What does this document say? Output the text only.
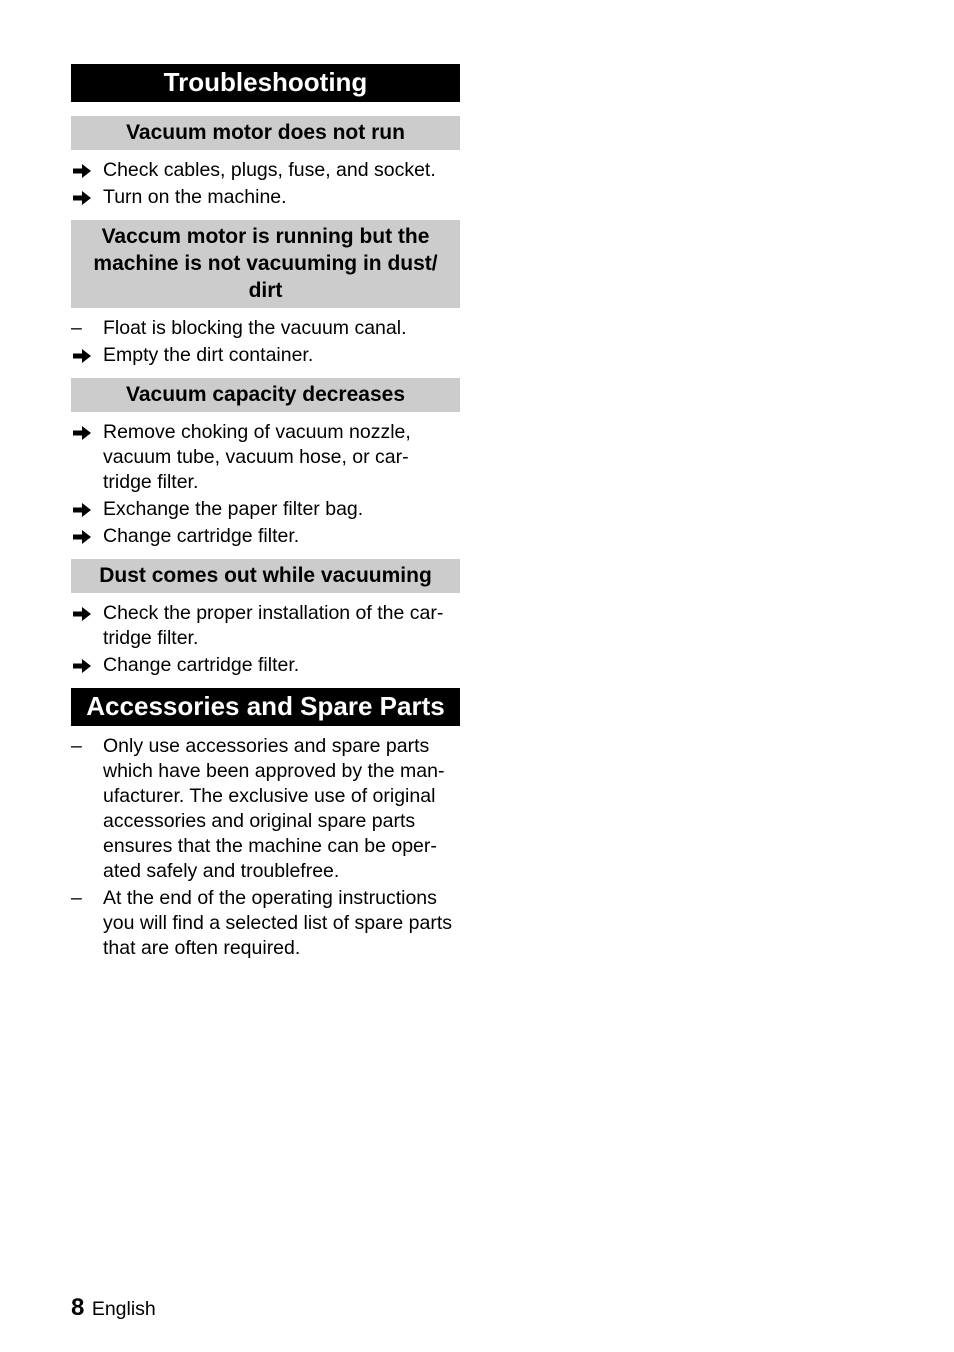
Troubleshooting
Vacuum motor does not run
Check cables, plugs, fuse, and socket.
Turn on the machine.
Vaccum motor is running but the
machine is not vacuuming in dust/
dirt
–	Float is blocking the vacuum canal.
Empty the dirt container.
Vacuum capacity decreases
Remove choking of vacuum nozzle,
vacuum tube, vacuum hose, or car-
tridge filter.
Exchange the paper filter bag.
Change cartridge filter.
Dust comes out while vacuuming
Check the proper installation of the car-
tridge filter.
Change cartridge filter.
Accessories and Spare Parts
–	Only use accessories and spare parts
which have been approved by the man-
ufacturer. The exclusive use of original
accessories and original spare parts
ensures that the machine can be oper-
ated safely and troublefree.
–	At the end of the operating instructions
you will find a selected list of spare parts
that are often required.
8 English
